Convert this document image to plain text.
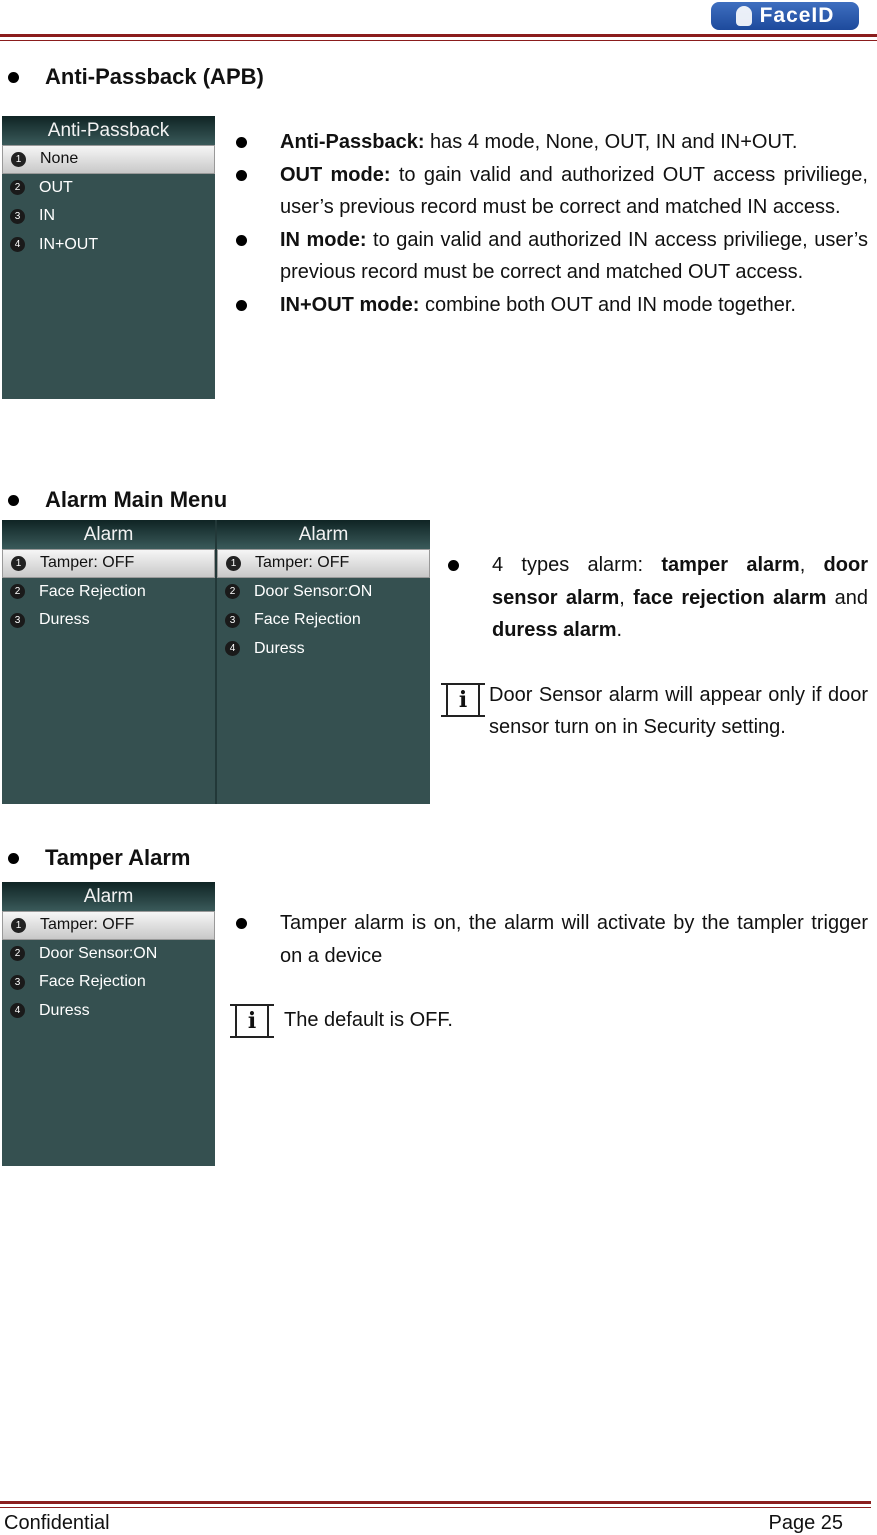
FaceID
Anti-Passback (APB)
Anti-Passback
1 None
2 OUT
3 IN
4 IN+OUT
Anti-Passback: has 4 mode, None, OUT, IN and IN+OUT.
OUT mode: to gain valid and authorized OUT access priviliege, user’s previous record must be correct and matched IN access.
IN mode: to gain valid and authorized IN access priviliege, user’s previous record must be correct and matched OUT access.
IN+OUT mode: combine both OUT and IN mode together.
Alarm Main Menu
Alarm
1 Tamper: OFF
2 Face Rejection
3 Duress
Alarm
1 Tamper: OFF
2 Door Sensor:ON
3 Face Rejection
4 Duress
4 types alarm: tamper alarm, door sensor alarm, face rejection alarm and duress alarm.
i	Door Sensor alarm will appear only if door sensor turn on in Security setting.
Tamper Alarm
Alarm
1 Tamper: OFF
2 Door Sensor:ON
3 Face Rejection
4 Duress
Tamper alarm is on, the alarm will activate by the tampler trigger on a device
i	The default is OFF.
Confidential	Page 25
